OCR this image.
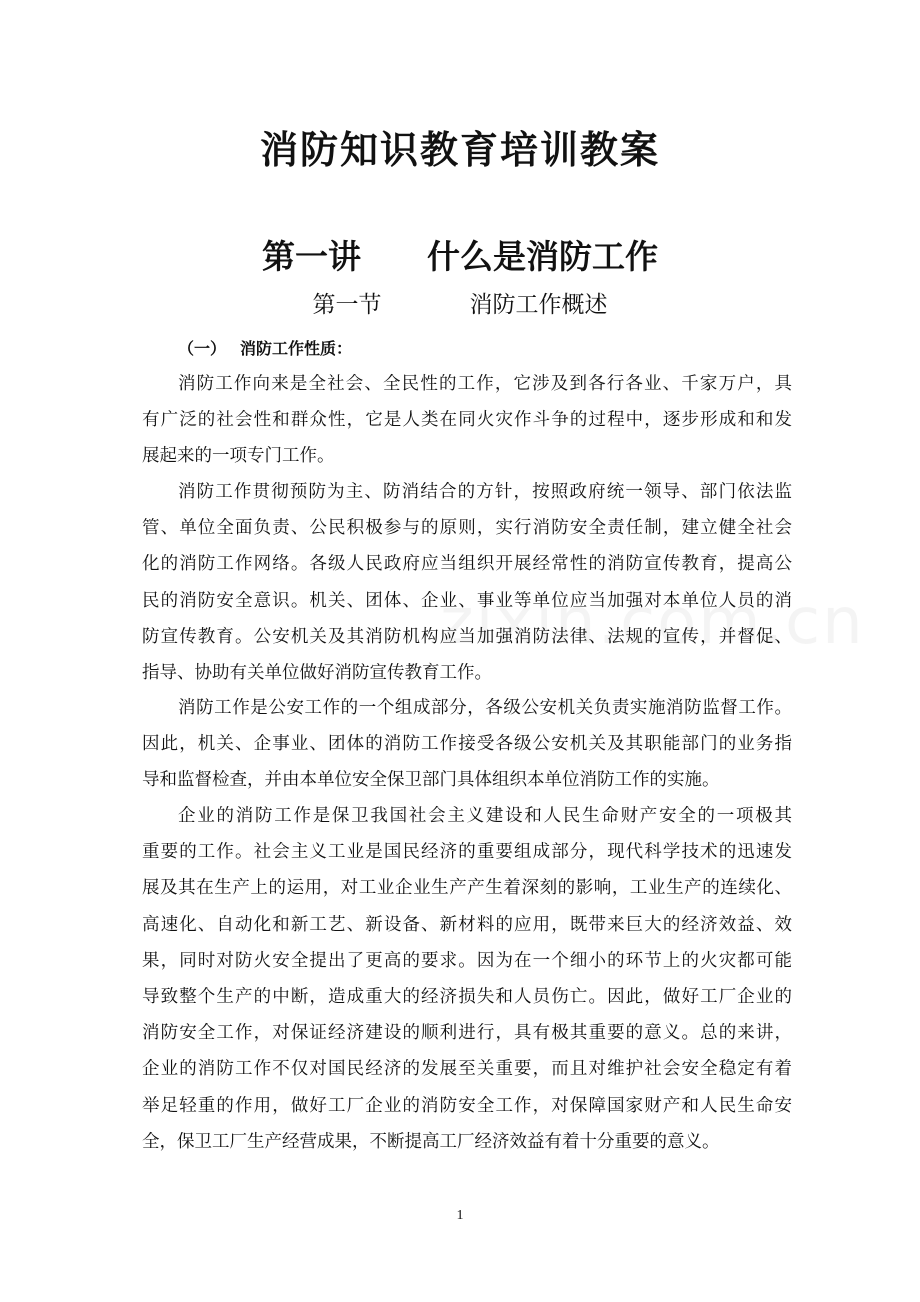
消防知识教育培训教案
第一讲 什么是消防工作
第一节	消防工作概述
（一） 消防工作性质：
消防工作向来是全社会、全民性的工作，它涉及到各行各业、千家万户，具
有广泛的社会性和群众性，它是人类在同火灾作斗争的过程中，逐步形成和和发
展起来的一项专门工作。
消防工作贯彻预防为主、防消结合的方针，按照政府统一领导、部门依法监
管、单位全面负责、公民积极参与的原则，实行消防安全责任制，建立健全社会
化的消防工作网络。各级人民政府应当组织开展经常性的消防宣传教育，提高公
民的消防安全意识。机关、团体、企业、事业等单位应当加强对本单位人员的消
防宣传教育。公安机关及其消防机构应当加强消防法律、法规的宣传，并督促、
指导、协助有关单位做好消防宣传教育工作。
消防工作是公安工作的一个组成部分，各级公安机关负责实施消防监督工作。
因此，机关、企事业、团体的消防工作接受各级公安机关及其职能部门的业务指
导和监督检查，并由本单位安全保卫部门具体组织本单位消防工作的实施。
企业的消防工作是保卫我国社会主义建设和人民生命财产安全的一项极其
重要的工作。社会主义工业是国民经济的重要组成部分，现代科学技术的迅速发
展及其在生产上的运用，对工业企业生产产生着深刻的影响，工业生产的连续化、
高速化、自动化和新工艺、新设备、新材料的应用，既带来巨大的经济效益、效
果，同时对防火安全提出了更高的要求。因为在一个细小的环节上的火灾都可能
导致整个生产的中断，造成重大的经济损失和人员伤亡。因此，做好工厂企业的
消防安全工作，对保证经济建设的顺利进行，具有极其重要的意义。总的来讲，
企业的消防工作不仅对国民经济的发展至关重要，而且对维护社会安全稳定有着
举足轻重的作用，做好工厂企业的消防安全工作，对保障国家财产和人民生命安
全，保卫工厂生产经营成果，不断提高工厂经济效益有着十分重要的意义。
1
